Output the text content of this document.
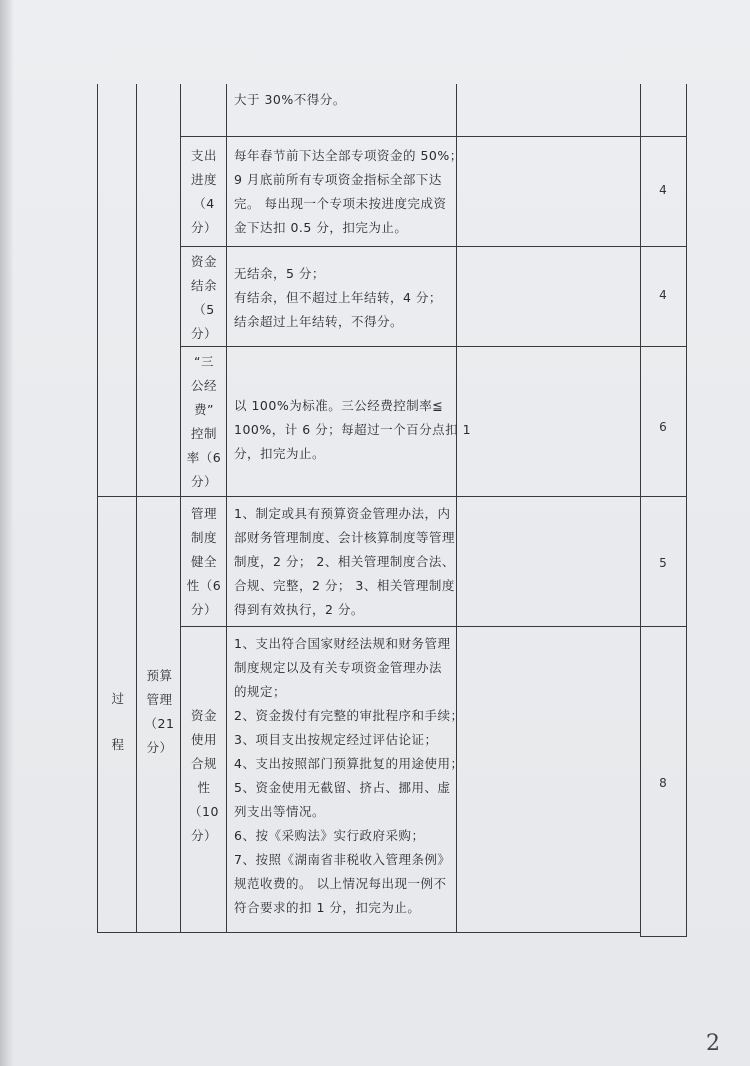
大于 30%不得分。
支出
进度
（4
分）
每年春节前下达全部专项资金的 50%；
9 月底前所有专项资金指标全部下达
完。 每出现一个专项未按进度完成资
金下达扣 0.5 分，扣完为止。
4
资金
结余
（5
分）
无结余，5 分；
有结余，但不超过上年结转，4 分；
结余超过上年结转，不得分。
4
“三
公经
费”
控制
率（6
分）
以 100%为标准。三公经费控制率≦
100%，计 6 分；每超过一个百分点扣 1
分，扣完为止。
6
管理
制度
健全
性（6
分）
1、制定或具有预算资金管理办法，内
部财务管理制度、会计核算制度等管理
制度，2 分； 2、相关管理制度合法、
合规、完整，2 分； 3、相关管理制度
得到有效执行，2 分。
5
过
程
预算
管理
（21
分）
资金
使用
合规
性
（10
分）
1、支出符合国家财经法规和财务管理
制度规定以及有关专项资金管理办法
的规定；
2、资金拨付有完整的审批程序和手续；
3、项目支出按规定经过评估论证；
4、支出按照部门预算批复的用途使用；
5、资金使用无截留、挤占、挪用、虚
列支出等情况。
6、按《采购法》实行政府采购；
7、按照《湖南省非税收入管理条例》
规范收费的。 以上情况每出现一例不
符合要求的扣 1 分，扣完为止。
8
2
